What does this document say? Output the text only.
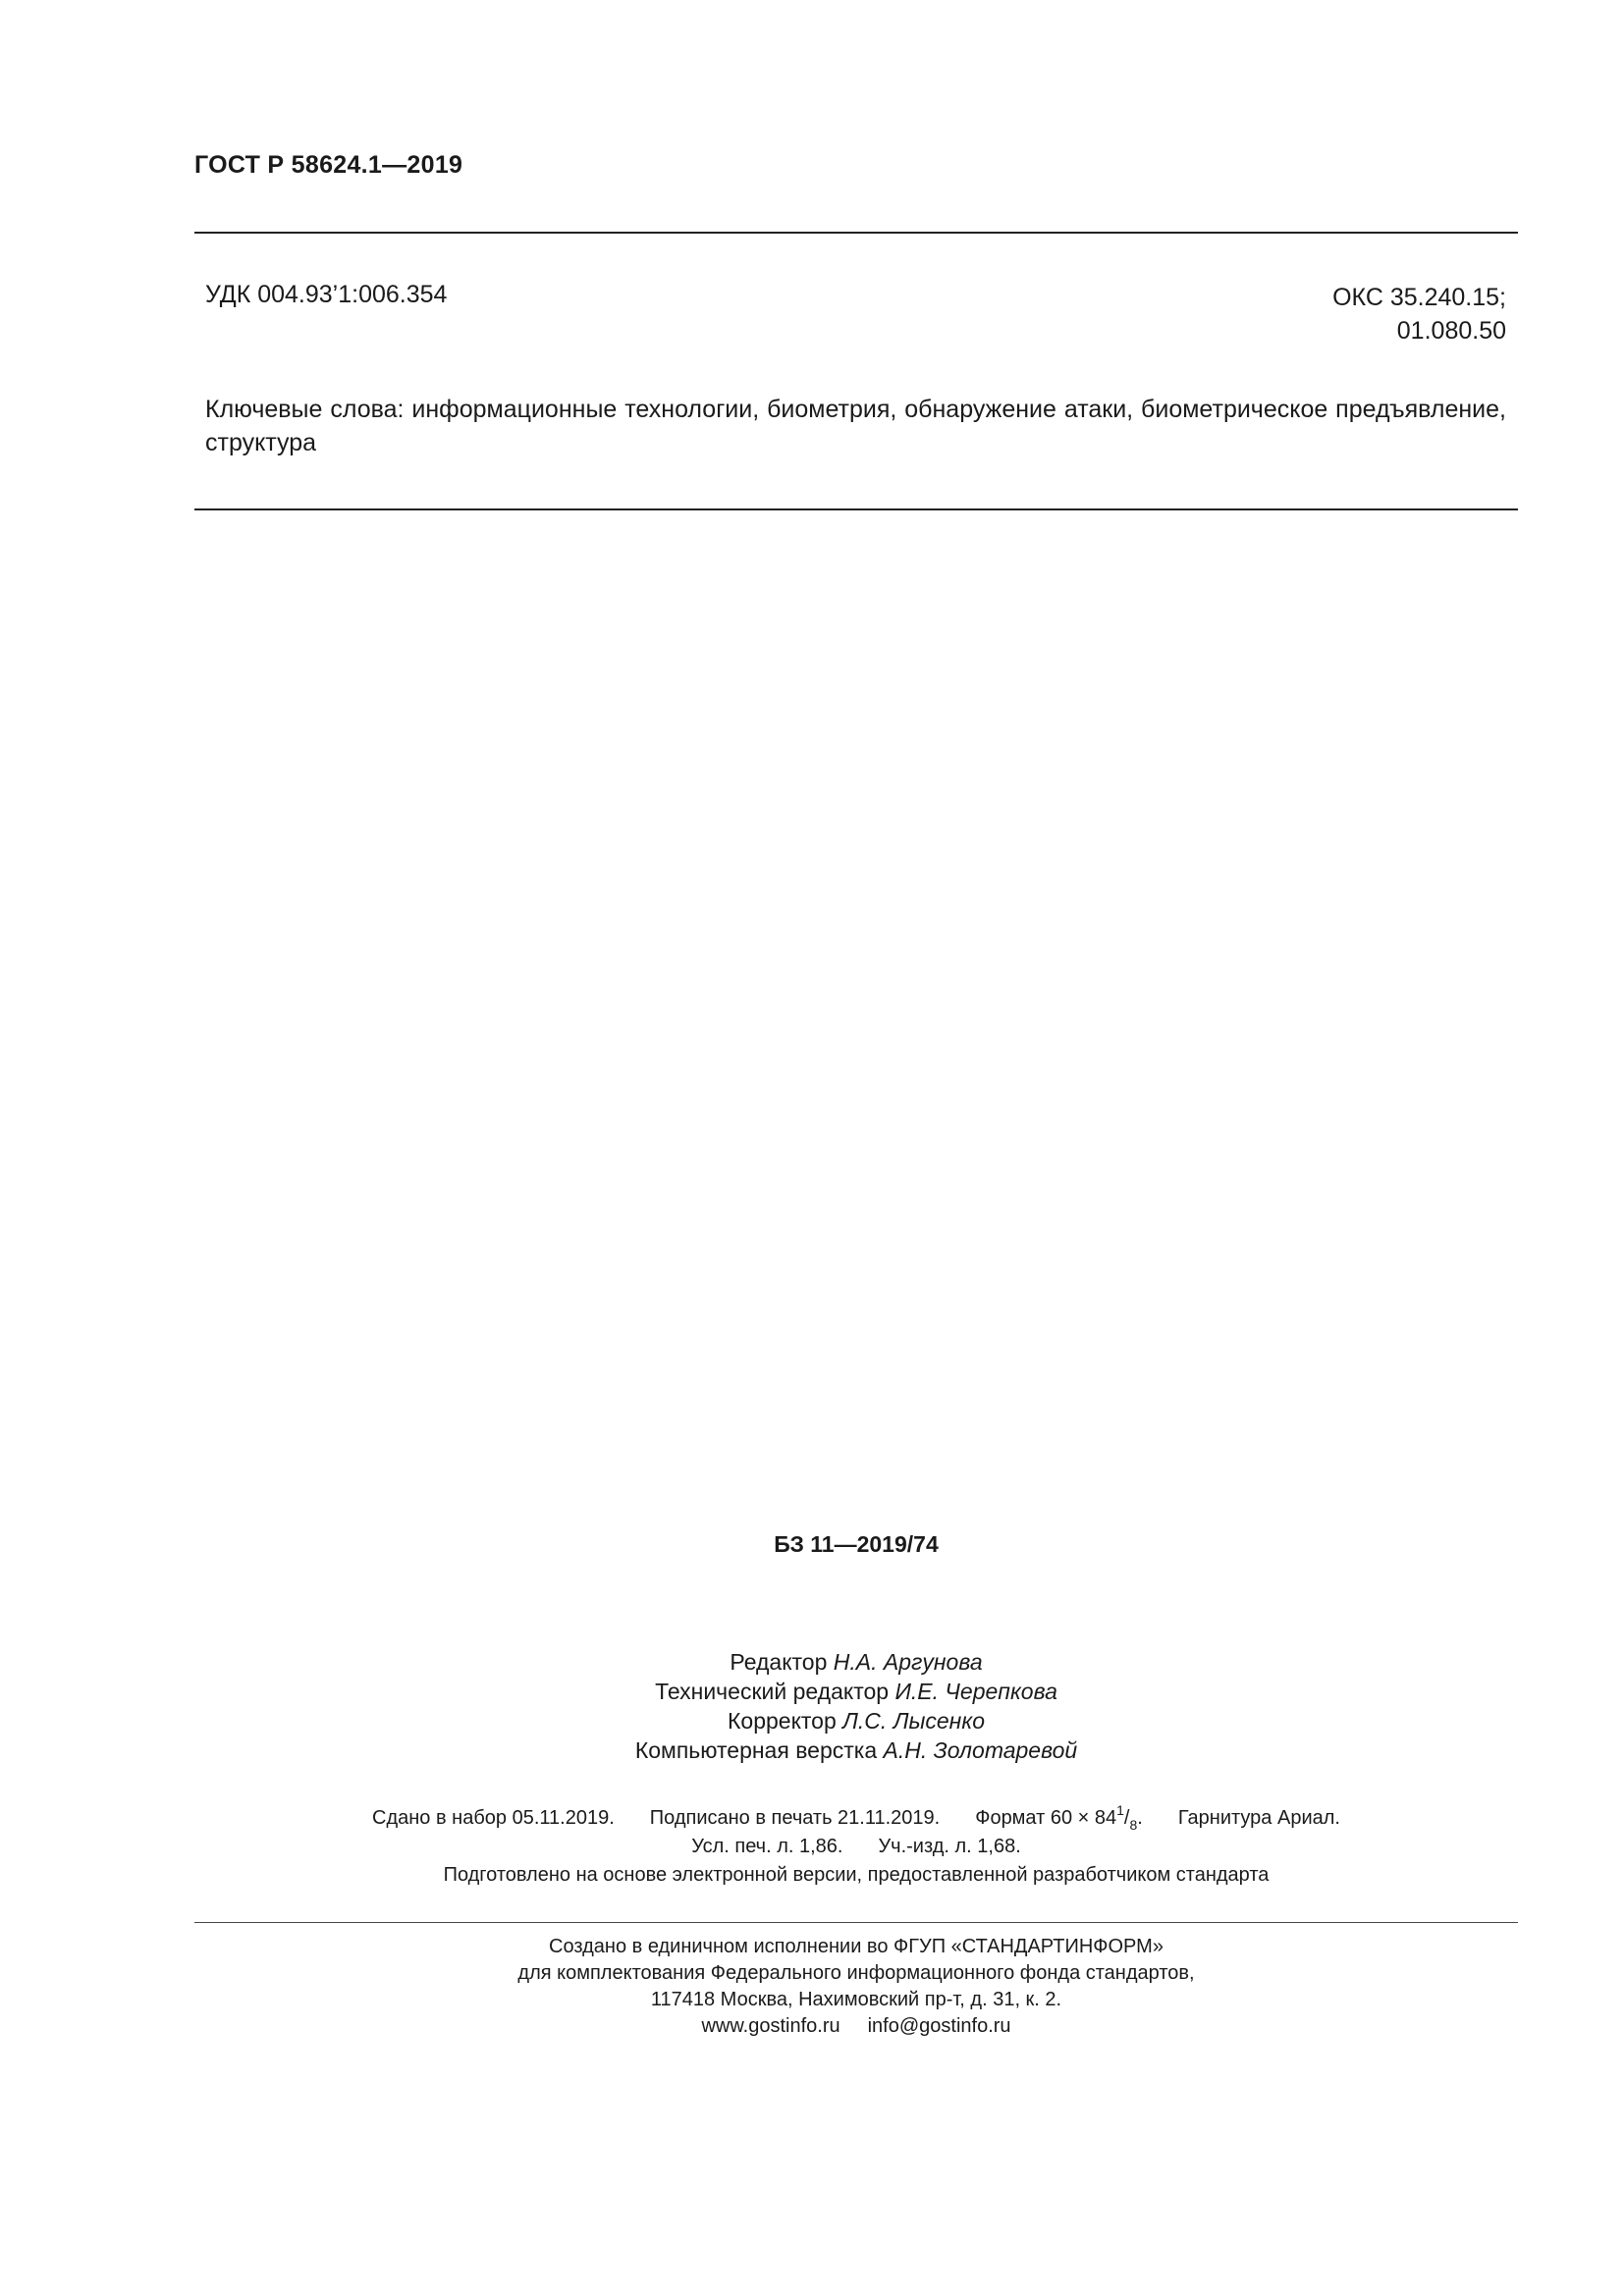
ГОСТ Р 58624.1—2019
УДК 004.93’1:006.354	ОКС 35.240.15;
01.080.50
Ключевые слова: информационные технологии, биометрия, обнаружение атаки, биометрическое предъявление, структура
БЗ 11—2019/74
Редактор Н.А. Аргунова
Технический редактор И.Е. Черепкова
Корректор Л.С. Лысенко
Компьютерная верстка А.Н. Золотаревой
Сдано в набор 05.11.2019. Подписано в печать 21.11.2019. Формат $60 \times 84^1/_8$. Гарнитура Ариал.
Усл. печ. л. 1,86. Уч.-изд. л. 1,68.
Подготовлено на основе электронной версии, предоставленной разработчиком стандарта
Создано в единичном исполнении во ФГУП «СТАНДАРТИНФОРМ»
для комплектования Федерального информационного фонда стандартов,
117418 Москва, Нахимовский пр-т, д. 31, к. 2.
www.gostinfo.ru info@gostinfo.ru
